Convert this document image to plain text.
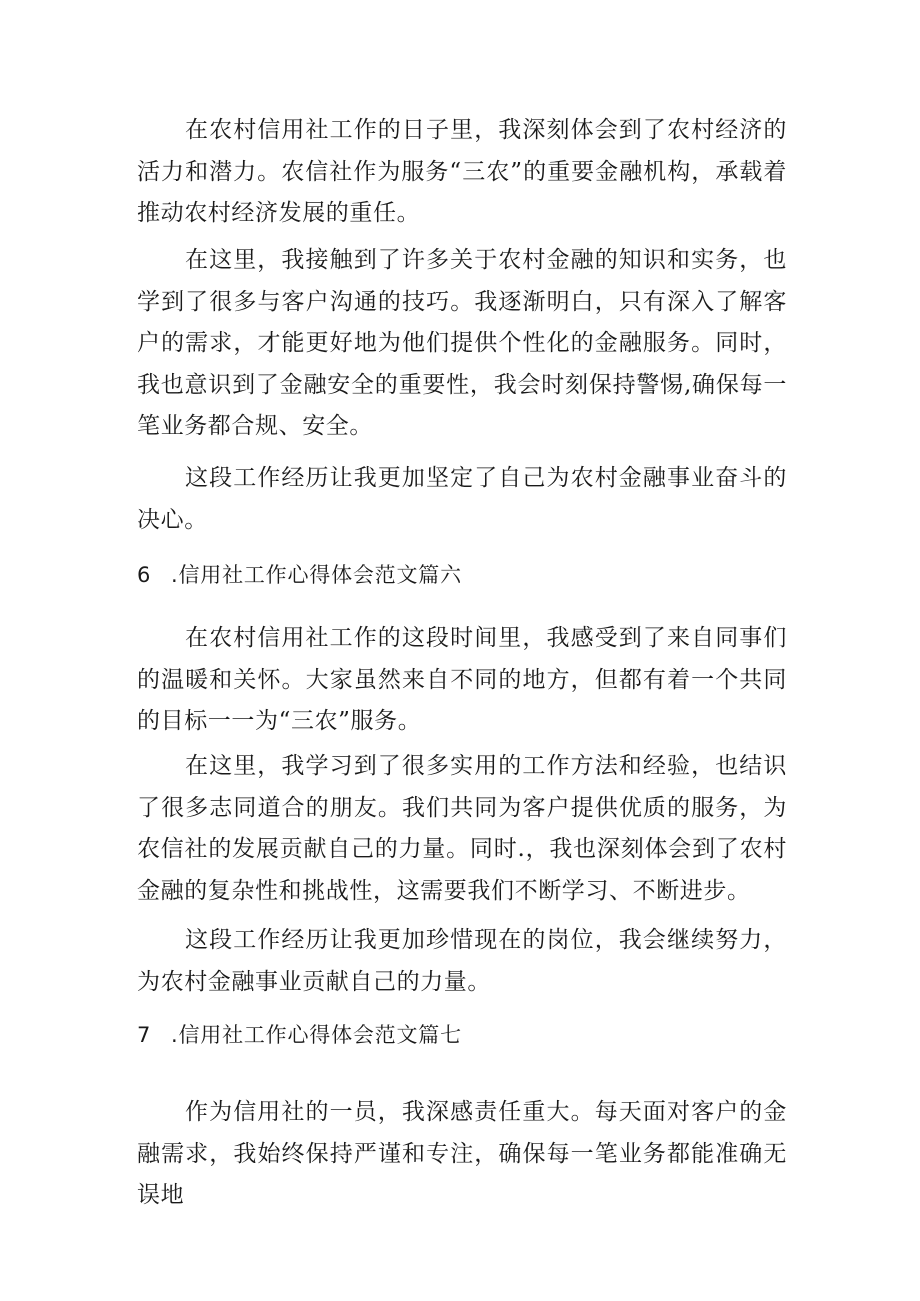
在农村信用社工作的日子里，我深刻体会到了农村经济的活力和潜力。农信社作为服务“三农”的重要金融机构，承载着推动农村经济发展的重任。

在这里，我接触到了许多关于农村金融的知识和实务，也学到了很多与客户沟通的技巧。我逐渐明白，只有深入了解客户的需求，才能更好地为他们提供个性化的金融服务。同时，我也意识到了金融安全的重要性，我会时刻保持警惕,确保每一笔业务都合规、安全。

这段工作经历让我更加坚定了自己为农村金融事业奋斗的决心。

6 .信用社工作心得体会范文篇六

在农村信用社工作的这段时间里，我感受到了来自同事们的温暖和关怀。大家虽然来自不同的地方，但都有着一个共同的目标一一为“三农”服务。

在这里，我学习到了很多实用的工作方法和经验，也结识了很多志同道合的朋友。我们共同为客户提供优质的服务，为农信社的发展贡献自己的力量。同时.，我也深刻体会到了农村金融的复杂性和挑战性，这需要我们不断学习、不断进步。

这段工作经历让我更加珍惜现在的岗位，我会继续努力，为农村金融事业贡献自己的力量。

7 .信用社工作心得体会范文篇七

作为信用社的一员，我深感责任重大。每天面对客户的金融需求，我始终保持严谨和专注，确保每一笔业务都能准确无误地
